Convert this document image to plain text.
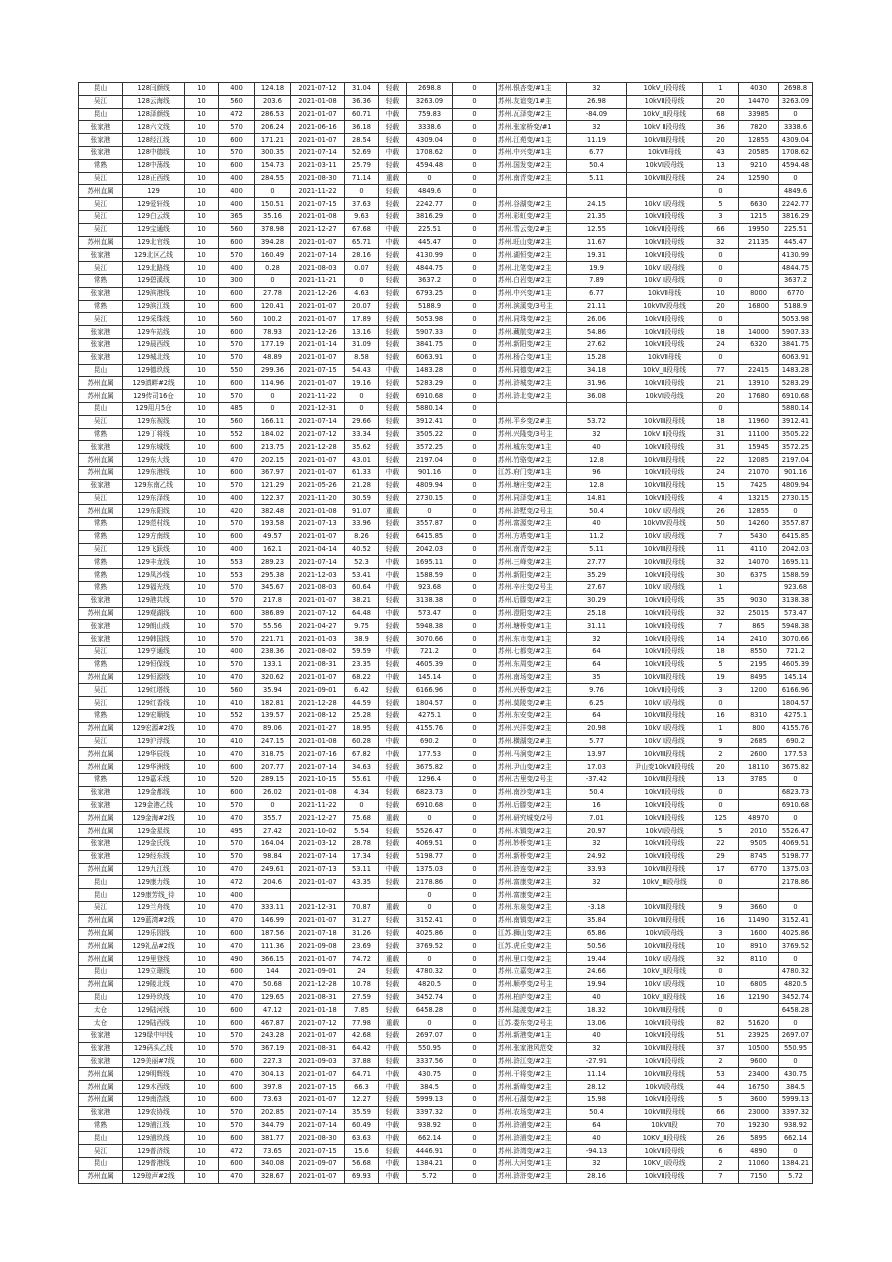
昆山	128闫颜线	10	400	124.18	2021-07-12	31.04	轻载	2698.8	0	苏州.银杏变/#1主	32	10kV_Ⅰ段母线	1	4030	2698.8
吴江	128云海线	10	560	203.6	2021-01-08	36.36	轻载	3263.09	0	苏州.友谊变/1#主	26.98	10kVⅡ段母线	20	14470	3263.09
昆山	128泽颜线	10	472	286.53	2021-01-07	60.71	中载	759.83	0	苏州.瓦泽变/#2主	-84.09	10kV_Ⅱ段母线	68	33985	0
张家港	128六文线	10	570	206.24	2021-06-16	36.18	轻载	3338.6	0	苏州.张家桥变/#1	32	10kV Ⅱ段母线	36	7820	3338.6
张家港	128经江线	10	600	171.21	2021-01-07	28.54	轻载	4309.04	0	苏州.江苑变/#1主	11.19	10kVⅢ段母线	20	12855	4309.04
张家港	128中德线	10	570	300.35	2021-07-14	52.69	中载	1708.62	0	苏州.中兴变/#1主	6.77	10kVⅡ母线	43	20585	1708.62
常熟	128中荡线	10	600	154.73	2021-03-11	25.79	轻载	4594.48	0	苏州.国发变/#2主	50.4	10kVⅠ段母线	13	9210	4594.48
吴江	128正西线	10	400	284.55	2021-08-30	71.14	重载	0	0	苏州.南青变/#2主	5.11	10kVⅢ段母线	24	12590	0
苏州直属	129	10	400	0	2021-11-22	0	轻载	4849.6	0				0		4849.6
吴江	129爱轩线	10	400	150.51	2021-07-15	37.63	轻载	2242.77	0	苏州.谷湖变/#2主	24.15	10kV Ⅰ段母线	5	6630	2242.77
吴江	129白云线	10	365	35.16	2021-01-08	9.63	轻载	3816.29	0	苏州.彩虹变/#2主	21.35	10kVⅡ段母线	3	1215	3816.29
吴江	129宝通线	10	560	378.98	2021-12-27	67.68	中载	225.51	0	苏州.雪云变/2#主	12.55	10kVⅡ段母线	66	19950	225.51
苏州直属	129北官线	10	600	394.28	2021-01-07	65.71	中载	445.47	0	苏州.旺山变/#2主	11.67	10kVⅡ段母线	32	21135	445.47
张家港	129北区乙线	10	570	160.49	2021-07-14	28.16	轻载	4130.99	0	苏州.湖恒变/#2主	19.31	10kVⅡ段母线	0		4130.99
吴江	129北路线	10	400	0.28	2021-08-03	0.07	轻载	4844.75	0	苏州.北笔变/#2主	19.9	10kV Ⅰ段母线	0		4844.75
常熟	129碧溪线	10	300	0	2021-11-21	0	轻载	3637.2	0	苏州.白岩变/#2主	7.89	10kV Ⅰ段母线	0		3637.2
张家港	129滨港线	10	600	27.78	2021-12-26	4.63	轻载	6793.25	0	苏州.中兴变/#1主	6.77	10kVⅡ母线	10	8000	6770
常熟	129滨江线	10	600	120.41	2021-01-07	20.07	轻载	5188.9	0	苏州.滨溪变/3号主	21.11	10kVⅣ段母线	20	16800	5188.9
吴江	129采珠线	10	560	100.2	2021-01-07	17.89	轻载	5053.98	0	苏州.同珠变/#2主	26.06	10kVⅡ段母线	0		5053.98
张家港	129车站线	10	600	78.93	2021-12-26	13.16	轻载	5907.33	0	苏州.藏航变/#2主	54.86	10kVⅡ段母线	18	14000	5907.33
张家港	129晨西线	10	570	177.19	2021-01-14	31.09	轻载	3841.75	0	苏州.新阳变/#2主	27.62	10kVⅡ段母线	24	6320	3841.75
张家港	129城北线	10	570	48.89	2021-01-07	8.58	轻载	6063.91	0	苏州.杨合变/#1主	15.28	10kVⅡ母线	0		6063.91
昆山	129德玖线	10	550	299.36	2021-07-15	54.43	中载	1483.28	0	苏州.同德变/#2主	34.18	10kV_Ⅱ段母线	77	22415	1483.28
苏州直属	129滇畔#2线	10	600	114.96	2021-01-07	19.16	轻载	5283.29	0	苏州.浒城变/#2主	31.96	10kVⅡ段母线	21	13910	5283.29
苏州直属	129传司16仓	10	570	0	2021-11-22	0	轻载	6910.68	0	苏州.浒北变/#2主	36.08	10kVⅠ段母线	20	17680	6910.68
昆山	129用月5仓	10	485	0	2021-12-31	0	轻载	5880.14	0				0		5880.14
吴江	129东视线	10	560	166.11	2021-07-14	29.66	轻载	3912.41	0	苏州.平乡变/2#主	53.72	10kVⅢ段母线	18	11960	3912.41
常熟	129丁将线	10	552	184.02	2021-07-12	33.34	轻载	3505.22	0	苏州.兴隆变/3号主	32	10kV Ⅱ段母线	31	11100	3505.22
张家港	129东城线	10	600	213.75	2021-12-28	35.62	轻载	3572.25	0	苏州.城东变/#1主	40	10kVⅡ段母线	31	15945	3572.25
苏州直属	129东大线	10	470	202.15	2021-01-07	43.01	轻载	2197.04	0	苏州.竹骆变/#2主	12.8	10kVⅢ段母线	22	12085	2197.04
苏州直属	129东港线	10	600	367.97	2021-01-07	61.33	中载	901.16	0	江苏.府门变/#1主	96	10kVⅡ段母线	24	21070	901.16
张家港	129东南乙线	10	570	121.29	2021-05-26	21.28	轻载	4809.94	0	苏州.塘庄变/#2主	12.8	10kVⅢ段母线	15	7425	4809.94
吴江	129东泽线	10	400	122.37	2021-11-20	30.59	轻载	2730.15	0	苏州.同泽变/#1主	14.81	10kVⅡ段母线	4	13215	2730.15
苏州直属	129东阳线	10	420	382.48	2021-01-08	91.07	重载	0	0	苏州.浒墅变/2号主	50.4	10kV Ⅰ段母线	26	12855	0
常熟	129范村线	10	570	193.58	2021-07-13	33.96	轻载	3557.87	0	苏州.富源变/#2主	40	10kVⅣ段母线	50	14260	3557.87
常熟	129方南线	10	600	49.57	2021-01-07	8.26	轻载	6415.85	0	苏州.方塔变/#1主	11.2	10kV Ⅰ段母线	7	5430	6415.85
吴江	129飞跃线	10	400	162.1	2021-04-14	40.52	轻载	2042.03	0	苏州.南青变/#2主	5.11	10kVⅢ段母线	11	4110	2042.03
常熟	129丰龙线	10	553	289.23	2021-07-14	52.3	中载	1695.11	0	苏州.三峰变/#2主	27.77	10kVⅢ段母线	32	14070	1695.11
常熟	129凤沙线	10	553	295.38	2021-12-03	53.41	中载	1588.59	0	苏州.新阳变/#2主	35.29	10kVⅡ段母线	30	6375	1588.59
常熟	129福光线	10	570	345.67	2021-08-03	60.64	中载	923.68	0	苏州.辛庄变/2号主	27.67	10kV Ⅰ段母线	1		923.68
张家港	129港共线	10	570	217.8	2021-01-07	38.21	轻载	3138.38	0	苏州.后滕变/#2主	30.29	10kVⅡ段母线	35	9030	3138.38
苏州直属	129观湖线	10	600	386.89	2021-07-12	64.48	中载	573.47	0	苏州.澄阳变/#2主	25.18	10kVⅡ段母线	32	25015	573.47
张家港	129朗山线	10	570	55.56	2021-04-27	9.75	轻载	5948.38	0	苏州.塘桥变/#1主	31.11	10kVⅡ段母线	7	865	5948.38
张家港	129韩国线	10	570	221.71	2021-01-03	38.9	轻载	3070.66	0	苏州.东市变/#1主	32	10kVⅡ段母线	14	2410	3070.66
吴江	129亨通线	10	400	238.36	2021-08-02	59.59	中载	721.2	0	苏州.七都变/#2主	64	10kVⅡ段母线	18	8550	721.2
常熟	129恒保线	10	570	133.1	2021-08-31	23.35	轻载	4605.39	0	苏州.东周变/#2主	64	10kVⅡ段母线	5	2195	4605.39
苏州直属	129恒源线	10	470	320.62	2021-01-07	68.22	中载	145.14	0	苏州.南场变/#2主	35	10kVⅢ段母线	19	8495	145.14
吴江	129红塔线	10	560	35.94	2021-09-01	6.42	轻载	6166.96	0	苏州.兴桥变/#2主	9.76	10kVⅡ段母线	3	1200	6166.96
吴江	129红香线	10	410	182.81	2021-12-28	44.59	轻载	1804.57	0	苏州.莫陵变/2#主	6.25	10kV Ⅰ段母线	0		1804.57
常熟	129宏顺线	10	552	139.57	2021-08-12	25.28	轻载	4275.1	0	苏州.东安变/#2主	64	10kVⅢ段母线	16	8310	4275.1
苏州直属	129宏源#2线	10	470	89.06	2021-01-27	18.95	轻载	4155.76	0	苏州.兴洋变/#2主	20.98	10kV Ⅰ段母线	1	800	4155.76
吴江	129沪浮线	10	410	247.15	2021-01-08	60.28	中载	690.2	0	苏州.横湖变/2#主	5.77	10kV Ⅰ段母线	9	2685	690.2
苏州直属	129华辰线	10	470	318.75	2021-07-16	67.82	中载	177.53	0	苏州.马涧变/#2主	13.97	10kVⅢ段母线	2	2600	177.53
苏州直属	129华洲线	10	600	207.77	2021-07-14	34.63	轻载	3675.82	0	苏州.尹山变/#2主	17.03	尹山变10kVⅡ段母线	20	18110	3675.82
常熟	129嘉禾线	10	520	289.15	2021-10-15	55.61	中载	1296.4	0	苏州.古里变/2号主	-37.42	10kVⅢ段母线	13	3785	0
张家港	129金都线	10	600	26.02	2021-01-08	4.34	轻载	6823.73	0	苏州.南沙变/#1主	50.4	10kVⅡ段母线	0		6823.73
张家港	129金港乙线	10	570	0	2021-11-22	0	轻载	6910.68	0	苏州.后滕变/#2主	16	10kVⅡ段母线	0		6910.68
苏州直属	129金海#2线	10	470	355.7	2021-12-27	75.68	重载	0	0	苏州.研究城变/2号	7.01	10kVⅡ段母线	125	48970	0
苏州直属	129金星线	10	495	27.42	2021-10-02	5.54	轻载	5526.47	0	苏州.木镇变/#2主	20.97	10kVⅠ段母线	5	2010	5526.47
张家港	129金氏线	10	570	164.04	2021-03-12	28.78	轻载	4069.51	0	苏州.妙桥变/#1主	32	10kVⅡ段母线	22	9505	4069.51
张家港	129经东线	10	570	98.84	2021-07-14	17.34	轻载	5198.77	0	苏州.新桥变/#2主	24.92	10kVⅡ段母线	29	8745	5198.77
苏州直属	129九江线	10	470	249.61	2021-07-13	53.11	中载	1375.03	0	苏州.浒连变/#2主	33.93	10kVⅢ段母线	17	6770	1375.03
昆山	129康力线	10	472	204.6	2021-01-07	43.35	轻载	2178.86	0	苏州.富康变/#2主	32	10kV_Ⅲ段母线	0		2178.86
昆山	129康芳线_待	10	400					0	0	苏州.富康变/#2主					
吴江	129兰舟线	10	470	333.11	2021-12-31	70.87	重载	0	0	苏州.东泉变/#2主	-3.18	10kVⅢ段母线	9	3660	0
苏州直属	129蓝湾#2线	10	470	146.99	2021-01-07	31.27	轻载	3152.41	0	苏州.南镇变/#2主	35.84	10kVⅢ段母线	16	11490	3152.41
苏州直属	129乐园线	10	600	187.56	2021-07-18	31.26	轻载	4025.86	0	江苏.狮山变/#2主	65.86	10kVⅠ段母线	3	1600	4025.86
苏州直属	129礼品#2线	10	470	111.36	2021-09-08	23.69	轻载	3769.52	0	江苏.虎丘变/#2主	50.56	10kVⅢ段母线	10	8910	3769.52
苏州直属	129里登线	10	490	366.15	2021-01-07	74.72	重载	0	0	苏州.里口变/#2主	19.44	10kV Ⅰ段母线	32	8110	0
昆山	129立璟线	10	600	144	2021-09-01	24	轻载	4780.32	0	苏州.立嘉变/#2主	24.66	10kV_Ⅱ段母线	0		4780.32
苏州直属	129陵北线	10	470	50.68	2021-12-28	10.78	轻载	4820.5	0	苏州.顺亭变/2号主	19.94	10kV Ⅰ段母线	10	6805	4820.5
昆山	129玲玖线	10	470	129.65	2021-08-31	27.59	轻载	3452.74	0	苏州.柏庐变/#2主	40	10kV_Ⅱ段母线	16	12190	3452.74
太仓	129陆河线	10	600	47.12	2021-01-18	7.85	轻载	6458.28	0	苏州.陆渡变/#2主	18.32	10kVⅢ段母线	0		6458.28
太仓	129陆西线	10	600	467.87	2021-07-12	77.98	重载	0	0	江苏.娄东变/2号主	13.06	10kVⅡ段母线	82	51620	0
张家港	129绿中甲线	10	570	243.28	2021-01-07	42.68	轻载	2697.07	0	苏州.新港变/#1主	40	10kVⅡ段母线	51	23925	2697.07
张家港	129码头乙线	10	570	367.19	2021-08-31	64.42	中载	550.95	0	苏州.张家港风范变	32	10kVⅢ段母线	37	10500	550.95
张家港	129美丽#7线	10	600	227.3	2021-09-03	37.88	轻载	3337.56	0	苏州.浒江变/#2主	-27.91	10kVⅡ段母线	2	9600	0
苏州直属	129明辉线	10	470	304.13	2021-01-07	64.71	中载	430.75	0	苏州.干将变/#2主	11.14	10kVⅢ段母线	53	23400	430.75
苏州直属	129木西线	10	600	397.8	2021-07-15	66.3	中载	384.5	0	苏州.新峰变/#2主	28.12	10kVⅠ段母线	44	16750	384.5
苏州直属	129南浩线	10	600	73.63	2021-01-07	12.27	轻载	5999.13	0	苏州.石湖变/#2主	15.98	10kVⅡ段母线	5	3600	5999.13
张家港	129农协线	10	570	202.85	2021-07-14	35.59	轻载	3397.32	0	苏州.农场变/#2主	50.4	10kVⅢ段母线	66	23000	3397.32
常熟	129浦江线	10	570	344.79	2021-07-14	60.49	中载	938.92	0	苏州.浒浦变/#2主	64	10kVⅡ段	70	19230	938.92
昆山	129浦玖线	10	600	381.77	2021-08-30	63.63	中载	662.14	0	苏州.浒浦变/#2主	40	10KV_Ⅱ段母线	26	5895	662.14
吴江	129普济线	10	472	73.65	2021-07-15	15.6	轻载	4446.91	0	苏州.浒湾变/#2主	-94.13	10kVⅡ段母线	6	4890	0
昆山	129普港线	10	600	340.08	2021-09-07	56.68	中载	1384.21	0	苏州.大河变/#1主	32	10KV_Ⅰ段母线	2	11060	1384.21
苏州直属	129琼声#2线	10	470	328.67	2021-01-07	69.93	中载	5.72	0	苏州.浒浒变/#2主	28.16	10kVⅡ段母线	7	7150	5.72
